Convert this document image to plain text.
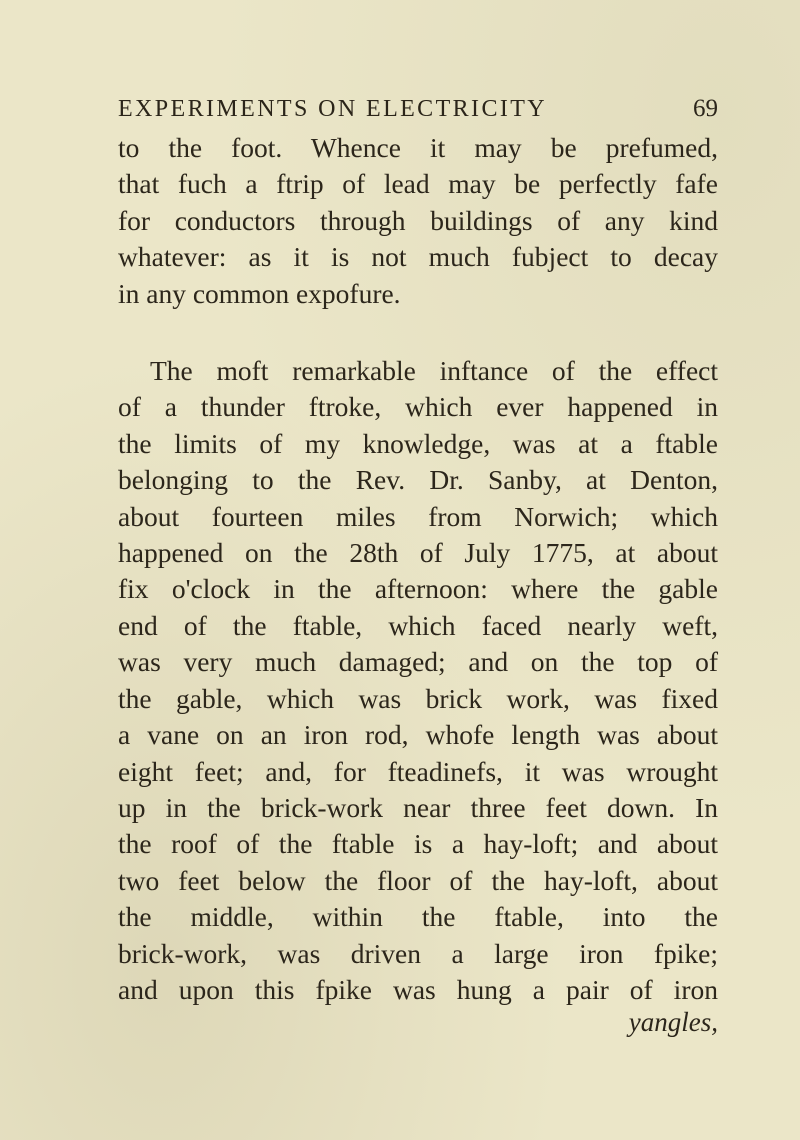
EXPERIMENTS ON ELECTRICITY	69
to the foot. Whence it may be prefumed,
that fuch a ftrip of lead may be perfectly fafe
for conductors through buildings of any kind
whatever: as it is not much fubject to decay
in any common expofure.
The moft remarkable inftance of the effect
of a thunder ftroke, which ever happened in
the limits of my knowledge, was at a ftable
belonging to the Rev. Dr. Sanby, at Denton,
about fourteen miles from Norwich; which
happened on the 28th of July 1775, at about
fix o'clock in the afternoon: where the gable
end of the ftable, which faced nearly weft,
was very much damaged; and on the top of
the gable, which was brick work, was fixed
a vane on an iron rod, whofe length was about
eight feet; and, for fteadinefs, it was wrought
up in the brick-work near three feet down. In
the roof of the ftable is a hay-loft; and about
two feet below the floor of the hay-loft, about
the middle, within the ftable, into the
brick-work, was driven a large iron fpike;
and upon this fpike was hung a pair of iron
yangles,
